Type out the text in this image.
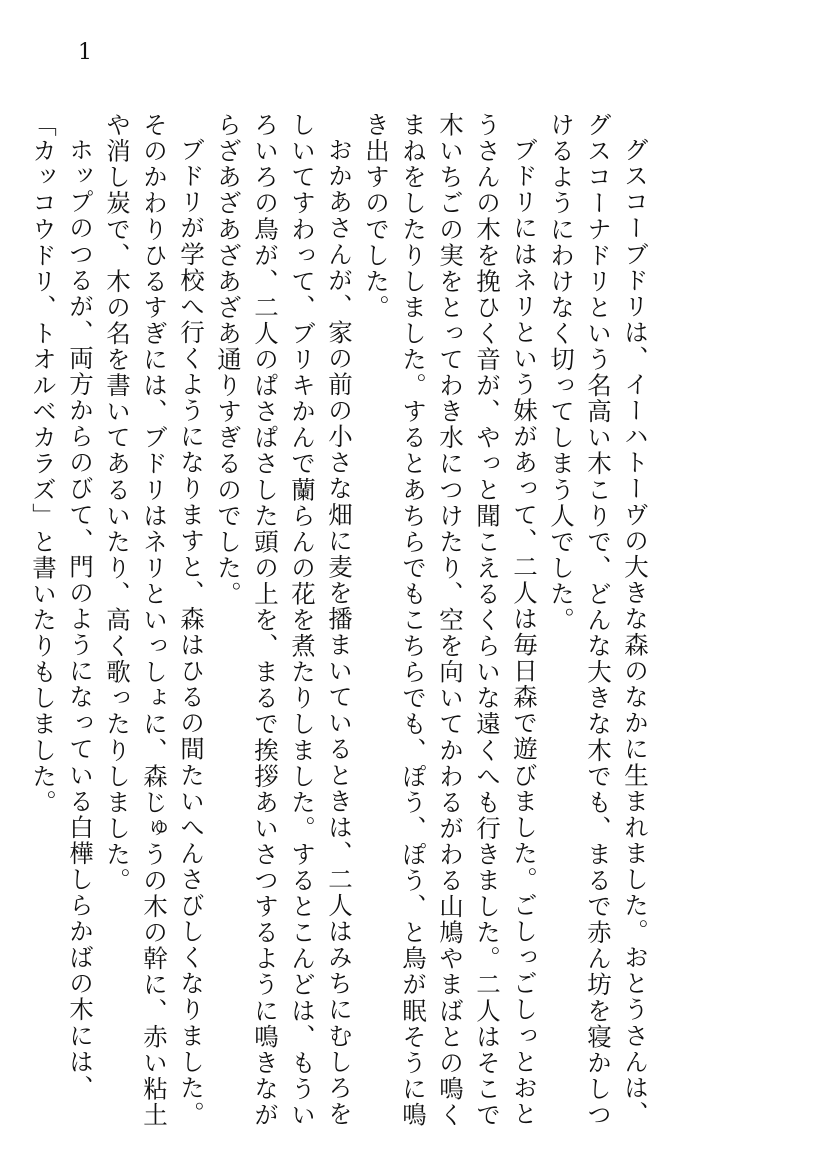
1

グスコーブドリは、イーハトーヴの大きな森のなかに生まれました。おとうさんは、グスコーナドリという名高い木こりで、どんな大きな木でも、まるで赤ん坊を寝かしつけるようにわけなく切ってしまう人でした。

ブドリにはネリという妹があって、二人は毎日森で遊びました。ごしっごしっとおとうさんの木を挽ひく音が、やっと聞こえるくらいな遠くへも行きました。二人はそこで木いちごの実をとってわき水につけたり、空を向いてかわるがわる山鳩やまばとの鳴くまねをしたりしました。するとあちらでもこちらでも、ぽう、ぽう、と鳥が眠そうに鳴き出すのでした。

おかあさんが、家の前の小さな畑に麦を播まいているときは、二人はみちにむしろをしいてすわって、ブリキかんで蘭らんの花を煮たりしました。するとこんどは、もういろいろの鳥が、二人のぱさぱさした頭の上を、まるで挨拶あいさつするように鳴きながらざあざあざあざあ通りすぎるのでした。

ブドリが学校へ行くようになりますと、森はひるの間たいへんさびしくなりました。そのかわりひるすぎには、ブドリはネリといっしょに、森じゅうの木の幹に、赤い粘土や消し炭で、木の名を書いてあるいたり、高く歌ったりしました。

ホップのつるが、両方からのびて、門のようになっている白樺しらかばの木には、

「カッコウドリ、トオルベカラズ」と書いたりもしました。
